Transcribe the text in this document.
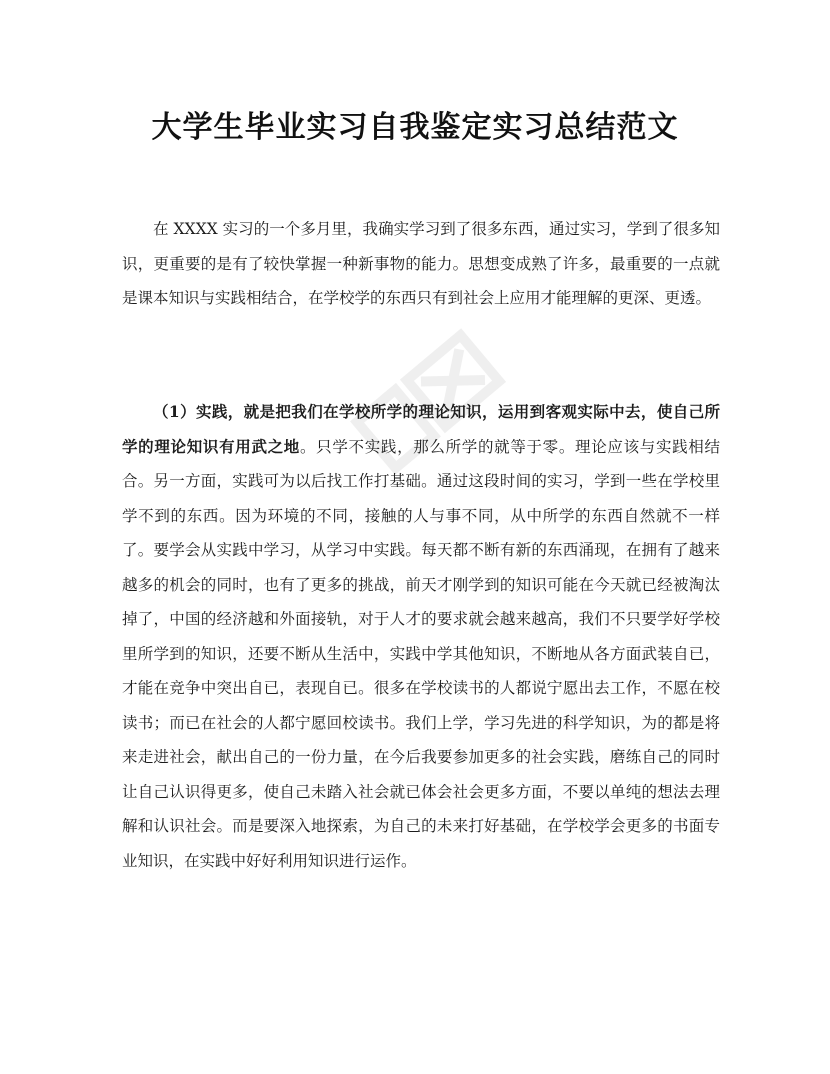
大学生毕业实习自我鉴定实习总结范文

在 XXXX 实习的一个多月里，我确实学习到了很多东西，通过实习，学到了很多知识，更重要的是有了较快掌握一种新事物的能力。思想变成熟了许多，最重要的一点就是课本知识与实践相结合，在学校学的东西只有到社会上应用才能理解的更深、更透。

（1）实践，就是把我们在学校所学的理论知识，运用到客观实际中去，使自己所学的理论知识有用武之地。只学不实践，那么所学的就等于零。理论应该与实践相结合。另一方面，实践可为以后找工作打基础。通过这段时间的实习，学到一些在学校里学不到的东西。因为环境的不同，接触的人与事不同，从中所学的东西自然就不一样了。要学会从实践中学习，从学习中实践。每天都不断有新的东西涌现，在拥有了越来越多的机会的同时，也有了更多的挑战，前天才刚学到的知识可能在今天就已经被淘汰掉了，中国的经济越和外面接轨，对于人才的要求就会越来越高，我们不只要学好学校里所学到的知识，还要不断从生活中，实践中学其他知识，不断地从各方面武装自已，才能在竞争中突出自已，表现自已。很多在学校读书的人都说宁愿出去工作，不愿在校读书；而已在社会的人都宁愿回校读书。我们上学，学习先进的科学知识，为的都是将来走进社会，献出自己的一份力量，在今后我要参加更多的社会实践，磨练自己的同时让自己认识得更多，使自己未踏入社会就已体会社会更多方面，不要以单纯的想法去理解和认识社会。而是要深入地探索，为自己的未来打好基础，在学校学会更多的书面专业知识，在实践中好好利用知识进行运作。
